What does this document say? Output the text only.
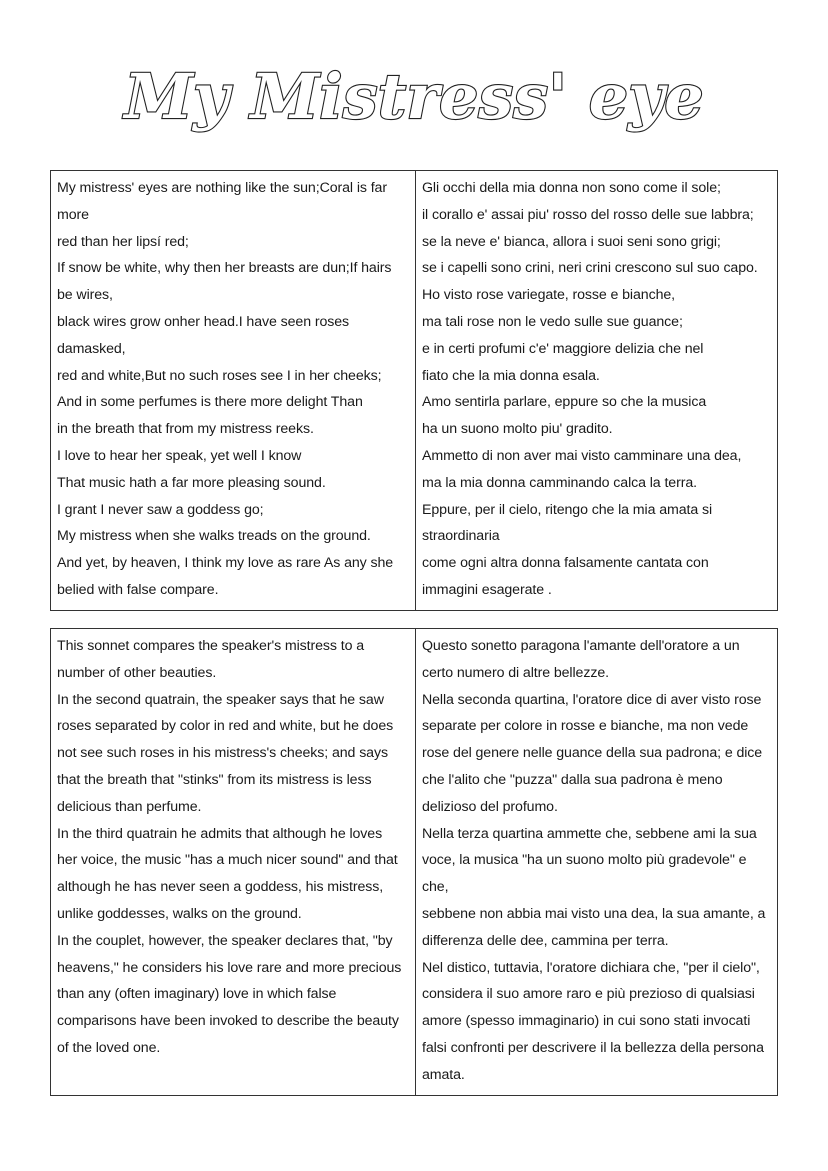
My Mistress' eye
My mistress' eyes are nothing like the sun;Coral is far
more
red than her lipsí red;
If snow be white, why then her breasts are dun;If hairs
be wires,
black wires grow onher head.I have seen roses
damasked,
red and white,But no such roses see I in her cheeks;
And in some perfumes is there more delight Than
in the breath that from my mistress reeks.
I love to hear her speak, yet well I know
That music hath a far more pleasing sound.
I grant I never saw a goddess go;
My mistress when she walks treads on the ground.
And yet, by heaven, I think my love as rare As any she
belied with false compare.

Gli occhi della mia donna non sono come il sole;
il corallo e' assai piu' rosso del rosso delle sue labbra;
se la neve e' bianca, allora i suoi seni sono grigi;
se i capelli sono crini, neri crini crescono sul suo capo.
Ho visto rose variegate, rosse e bianche,
ma tali rose non le vedo sulle sue guance;
e in certi profumi c'e' maggiore delizia che nel
fiato che la mia donna esala.
Amo sentirla parlare, eppure so che la musica
ha un suono molto piu' gradito.
Ammetto di non aver mai visto camminare una dea,
ma la mia donna camminando calca la terra.
Eppure, per il cielo, ritengo che la mia amata si
straordinaria
come ogni altra donna falsamente cantata con
immagini esagerate .
This sonnet compares the speaker's mistress to a
number of other beauties.
In the second quatrain, the speaker says that he saw
roses separated by color in red and white, but he does
not see such roses in his mistress's cheeks; and says
that the breath that "stinks" from its mistress is less
delicious than perfume.
In the third quatrain he admits that although he loves
her voice, the music "has a much nicer sound" and that
although he has never seen a goddess, his mistress,
unlike goddesses, walks on the ground.
In the couplet, however, the speaker declares that, "by
heavens," he considers his love rare and more precious
than any (often imaginary) love in which false
comparisons have been invoked to describe the beauty
of the loved one.

Questo sonetto paragona l'amante dell'oratore a un
certo numero di altre bellezze.
Nella seconda quartina, l'oratore dice di aver visto rose
separate per colore in rosse e bianche, ma non vede
rose del genere nelle guance della sua padrona; e dice
che l'alito che "puzza" dalla sua padrona è meno
delizioso del profumo.
Nella terza quartina ammette che, sebbene ami la sua
voce, la musica "ha un suono molto più gradevole" e che,
sebbene non abbia mai visto una dea, la sua amante, a
differenza delle dee, cammina per terra.
Nel distico, tuttavia, l'oratore dichiara che, "per il cielo",
considera il suo amore raro e più prezioso di qualsiasi
amore (spesso immaginario) in cui sono stati invocati
falsi confronti per descrivere il la bellezza della persona
amata.
